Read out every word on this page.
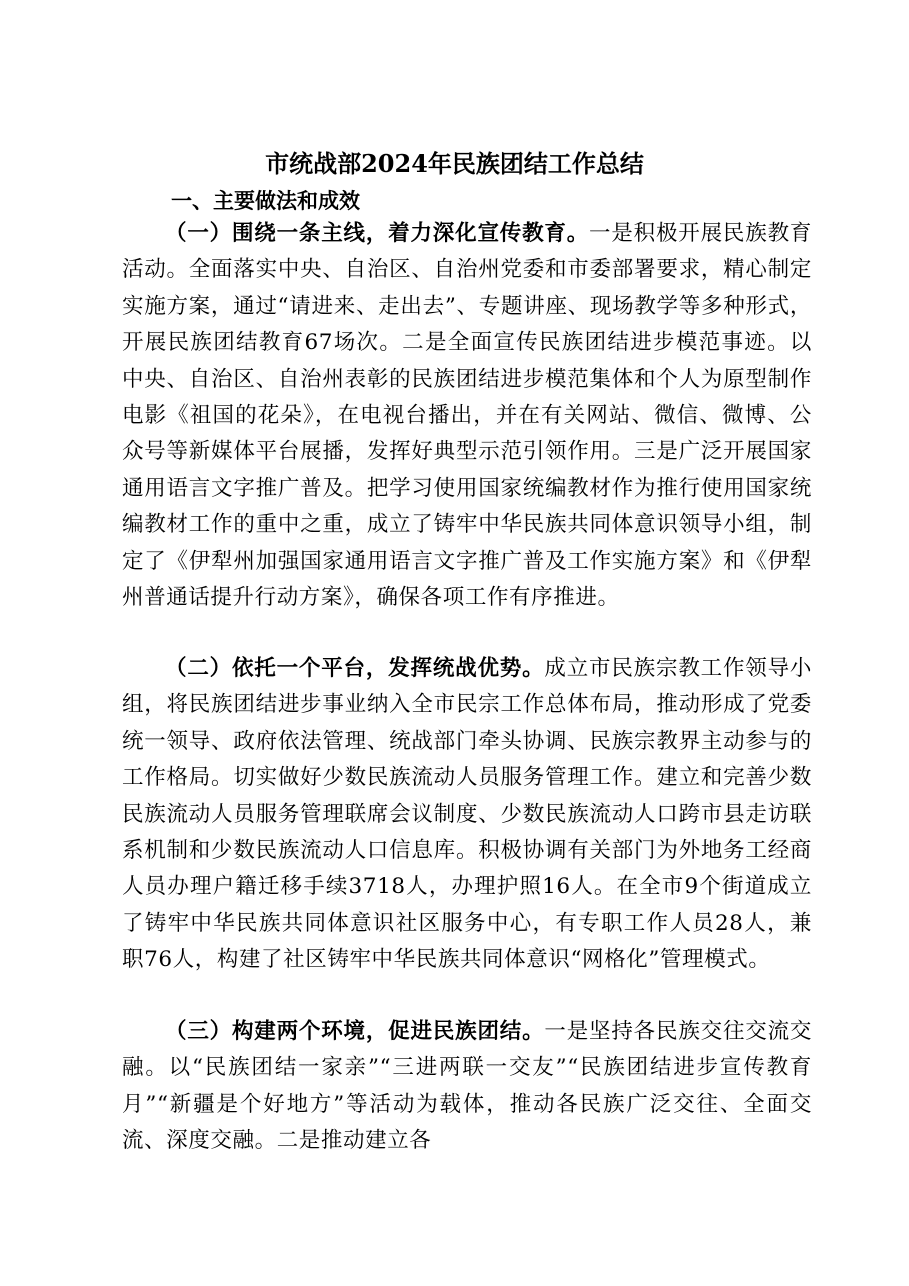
市统战部2024年民族团结工作总结
一、主要做法和成效

（一）围绕一条主线，着力深化宣传教育。一是积极开展民族教育活动。全面落实中央、自治区、自治州党委和市委部署要求，精心制定实施方案，通过“请进来、走出去”、专题讲座、现场教学等多种形式，开展民族团结教育67场次。二是全面宣传民族团结进步模范事迹。以中央、自治区、自治州表彰的民族团结进步模范集体和个人为原型制作电影《祖国的花朵》，在电视台播出，并在有关网站、微信、微博、公众号等新媒体平台展播，发挥好典型示范引领作用。三是广泛开展国家通用语言文字推广普及。把学习使用国家统编教材作为推行使用国家统编教材工作的重中之重，成立了铸牢中华民族共同体意识领导小组，制定了《伊犁州加强国家通用语言文字推广普及工作实施方案》和《伊犁州普通话提升行动方案》，确保各项工作有序推进。

（二）依托一个平台，发挥统战优势。成立市民族宗教工作领导小组，将民族团结进步事业纳入全市民宗工作总体布局，推动形成了党委统一领导、政府依法管理、统战部门牵头协调、民族宗教界主动参与的工作格局。切实做好少数民族流动人员服务管理工作。建立和完善少数民族流动人员服务管理联席会议制度、少数民族流动人口跨市县走访联系机制和少数民族流动人口信息库。积极协调有关部门为外地务工经商人员办理户籍迁移手续3718人，办理护照16人。在全市9个街道成立了铸牢中华民族共同体意识社区服务中心，有专职工作人员28人，兼职76人，构建了社区铸牢中华民族共同体意识“网格化”管理模式。

（三）构建两个环境，促进民族团结。一是坚持各民族交往交流交融。以“民族团结一家亲”“三进两联一交友”“民族团结进步宣传教育月”“新疆是个好地方”等活动为载体，推动各民族广泛交往、全面交流、深度交融。二是推动建立各
